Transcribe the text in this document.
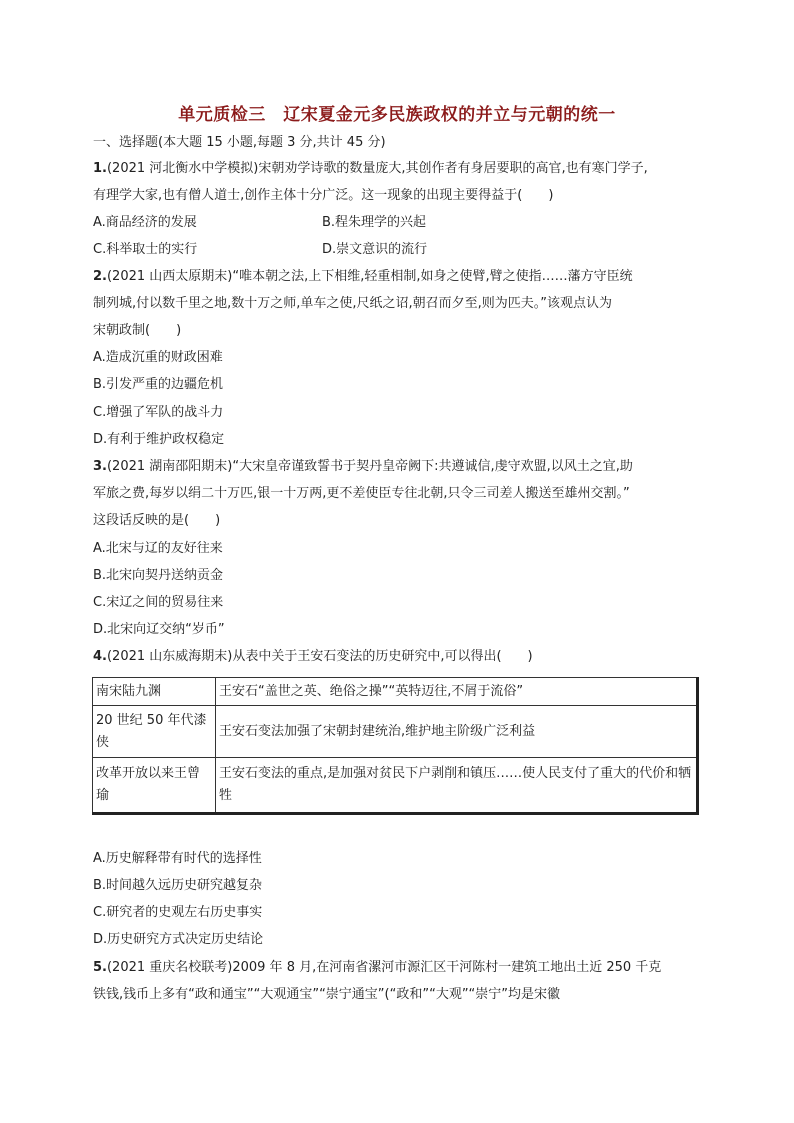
单元质检三　辽宋夏金元多民族政权的并立与元朝的统一
一、选择题(本大题 15 小题,每题 3 分,共计 45 分)
1.(2021 河北衡水中学模拟)宋朝劝学诗歌的数量庞大,其创作者有身居要职的高官,也有寒门学子,
有理学大家,也有僧人道士,创作主体十分广泛。这一现象的出现主要得益于(　　)
A.商品经济的发展	B.程朱理学的兴起
C.科举取士的实行	D.崇文意识的流行
2.(2021 山西太原期末)“唯本朝之法,上下相维,轻重相制,如身之使臂,臂之使指……藩方守臣统
制列城,付以数千里之地,数十万之师,单车之使,尺纸之诏,朝召而夕至,则为匹夫。”该观点认为
宋朝政制(　　)
A.造成沉重的财政困难
B.引发严重的边疆危机
C.增强了军队的战斗力
D.有利于维护政权稳定
3.(2021 湖南邵阳期末)“大宋皇帝谨致誓书于契丹皇帝阙下:共遵诚信,虔守欢盟,以风土之宜,助
军旅之费,每岁以绢二十万匹,银一十万两,更不差使臣专往北朝,只令三司差人搬送至雄州交割。”
这段话反映的是(　　)
A.北宋与辽的友好往来
B.北宋向契丹送纳贡金
C.宋辽之间的贸易往来
D.北宋向辽交纳“岁币”
4.(2021 山东威海期末)从表中关于王安石变法的历史研究中,可以得出(　　)
南宋陆九渊	王安石“盖世之英、绝俗之操”“英特迈往,不屑于流俗”
20 世纪 50 年代漆侠	王安石变法加强了宋朝封建统治,维护地主阶级广泛利益
改革开放以来王曾瑜	王安石变法的重点,是加强对贫民下户剥削和镇压……使人民支付了重大的代价和牺牲
A.历史解释带有时代的选择性
B.时间越久远历史研究越复杂
C.研究者的史观左右历史事实
D.历史研究方式决定历史结论
5.(2021 重庆名校联考)2009 年 8 月,在河南省漯河市源汇区干河陈村一建筑工地出土近 250 千克
铁钱,钱币上多有“政和通宝”“大观通宝”“崇宁通宝”(“政和”“大观”“崇宁”均是宋徽
